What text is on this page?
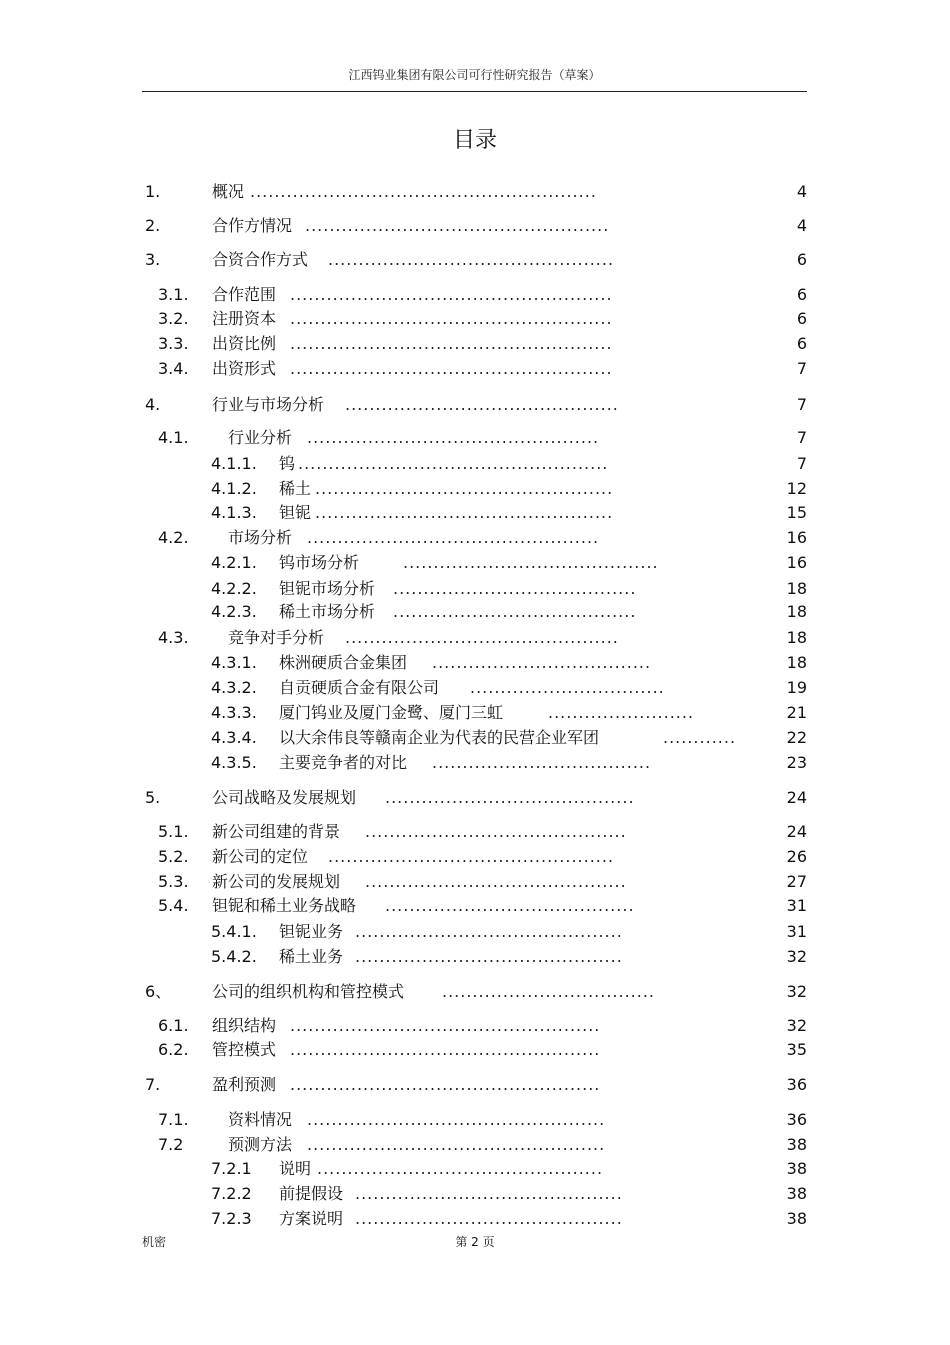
江西钨业集团有限公司可行性研究报告（草案）
目录
1.	概况 .........................................................	4
2.	合作方情况 ..................................................	4
3.	合资合作方式 ...............................................	6
3.1. 合作范围 .....................................................	6
3.2. 注册资本 .....................................................	6
3.3. 出资比例 .....................................................	6
3.4. 出资形式 .....................................................	7
4.	行业与市场分析 .............................................	7
4.1. 行业分析 ................................................	7
4.1.1. 钨 ...................................................	7
4.1.2. 稀土 .................................................	12
4.1.3. 钽铌 .................................................	15
4.2. 市场分析 ................................................	16
4.2.1. 钨市场分析	..........................................	16
4.2.2. 钽铌市场分析 ........................................	18
4.2.3. 稀土市场分析 ........................................	18
4.3. 竞争对手分析 .............................................	18
4.3.1. 株洲硬质合金集团 ....................................	18
4.3.2. 自贡硬质合金有限公司 ................................	19
4.3.3. 厦门钨业及厦门金鹭、厦门三虹	........................	21
4.3.4. 以大余伟良等赣南企业为代表的民营企业军团	............	22
4.3.5. 主要竞争者的对比 ....................................	23
5.	公司战略及发展规划 .........................................	24
5.1. 新公司组建的背景 ...........................................	24
5.2. 新公司的定位 ...............................................	26
5.3. 新公司的发展规划 ...........................................	27
5.4. 钽铌和稀土业务战略 .........................................	31
5.4.1. 钽铌业务 ............................................	31
5.4.2. 稀土业务 ............................................	32
6、	公司的组织机构和管控模式 ...................................	32
6.1. 组织结构 ...................................................	32
6.2. 管控模式 ...................................................	35
7.	盈利预测 ...................................................	36
7.1. 资料情况 .................................................	36
7.2	预测方法 .................................................	38
7.2.1 说明 ...............................................	38
7.2.2 前提假设 ............................................	38
7.2.3 方案说明 ............................................	38
机密	第 2 页
